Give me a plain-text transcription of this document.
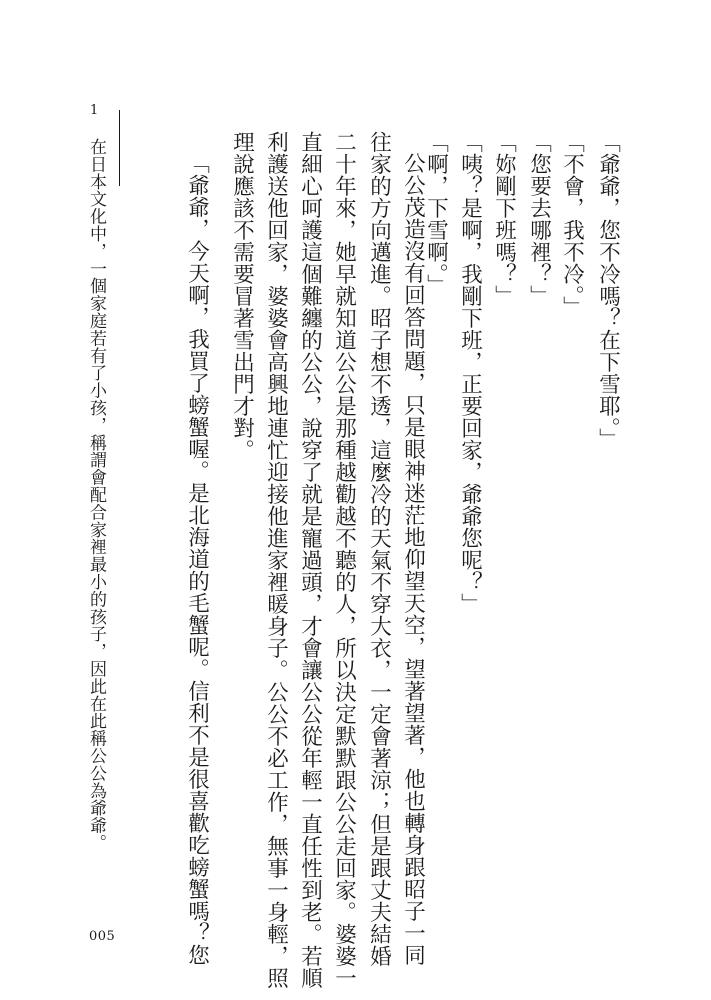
「爺爺，您不冷嗎？在下雪耶。」
「不會，我不冷。」
「您要去哪裡？」
「妳剛下班嗎？」
「咦？是啊，我剛下班，正要回家，爺爺您呢？」
「啊，下雪啊。」
公公茂造沒有回答問題，只是眼神迷茫地仰望天空，望著望著，他也轉身跟昭子一同
往家的方向邁進。昭子想不透，這麼冷的天氣不穿大衣，一定會著涼；但是跟丈夫結婚
二十年來，她早就知道公公是那種越勸越不聽的人，所以決定默默跟公公走回家。婆婆一
直細心呵護這個難纏的公公，說穿了就是寵過頭，才會讓公公從年輕一直任性到老。若順
利護送他回家，婆婆會高興地連忙迎接他進家裡暖身子。公公不必工作，無事一身輕，照
理說應該不需要冒著雪出門才對。
「爺爺，今天啊，我買了螃蟹喔。是北海道的毛蟹呢。信利不是很喜歡吃螃蟹嗎？您
1
在日本文化中，一個家庭若有了小孩，稱謂會配合家裡最小的孩子，因此在此稱公公為爺爺。
005
